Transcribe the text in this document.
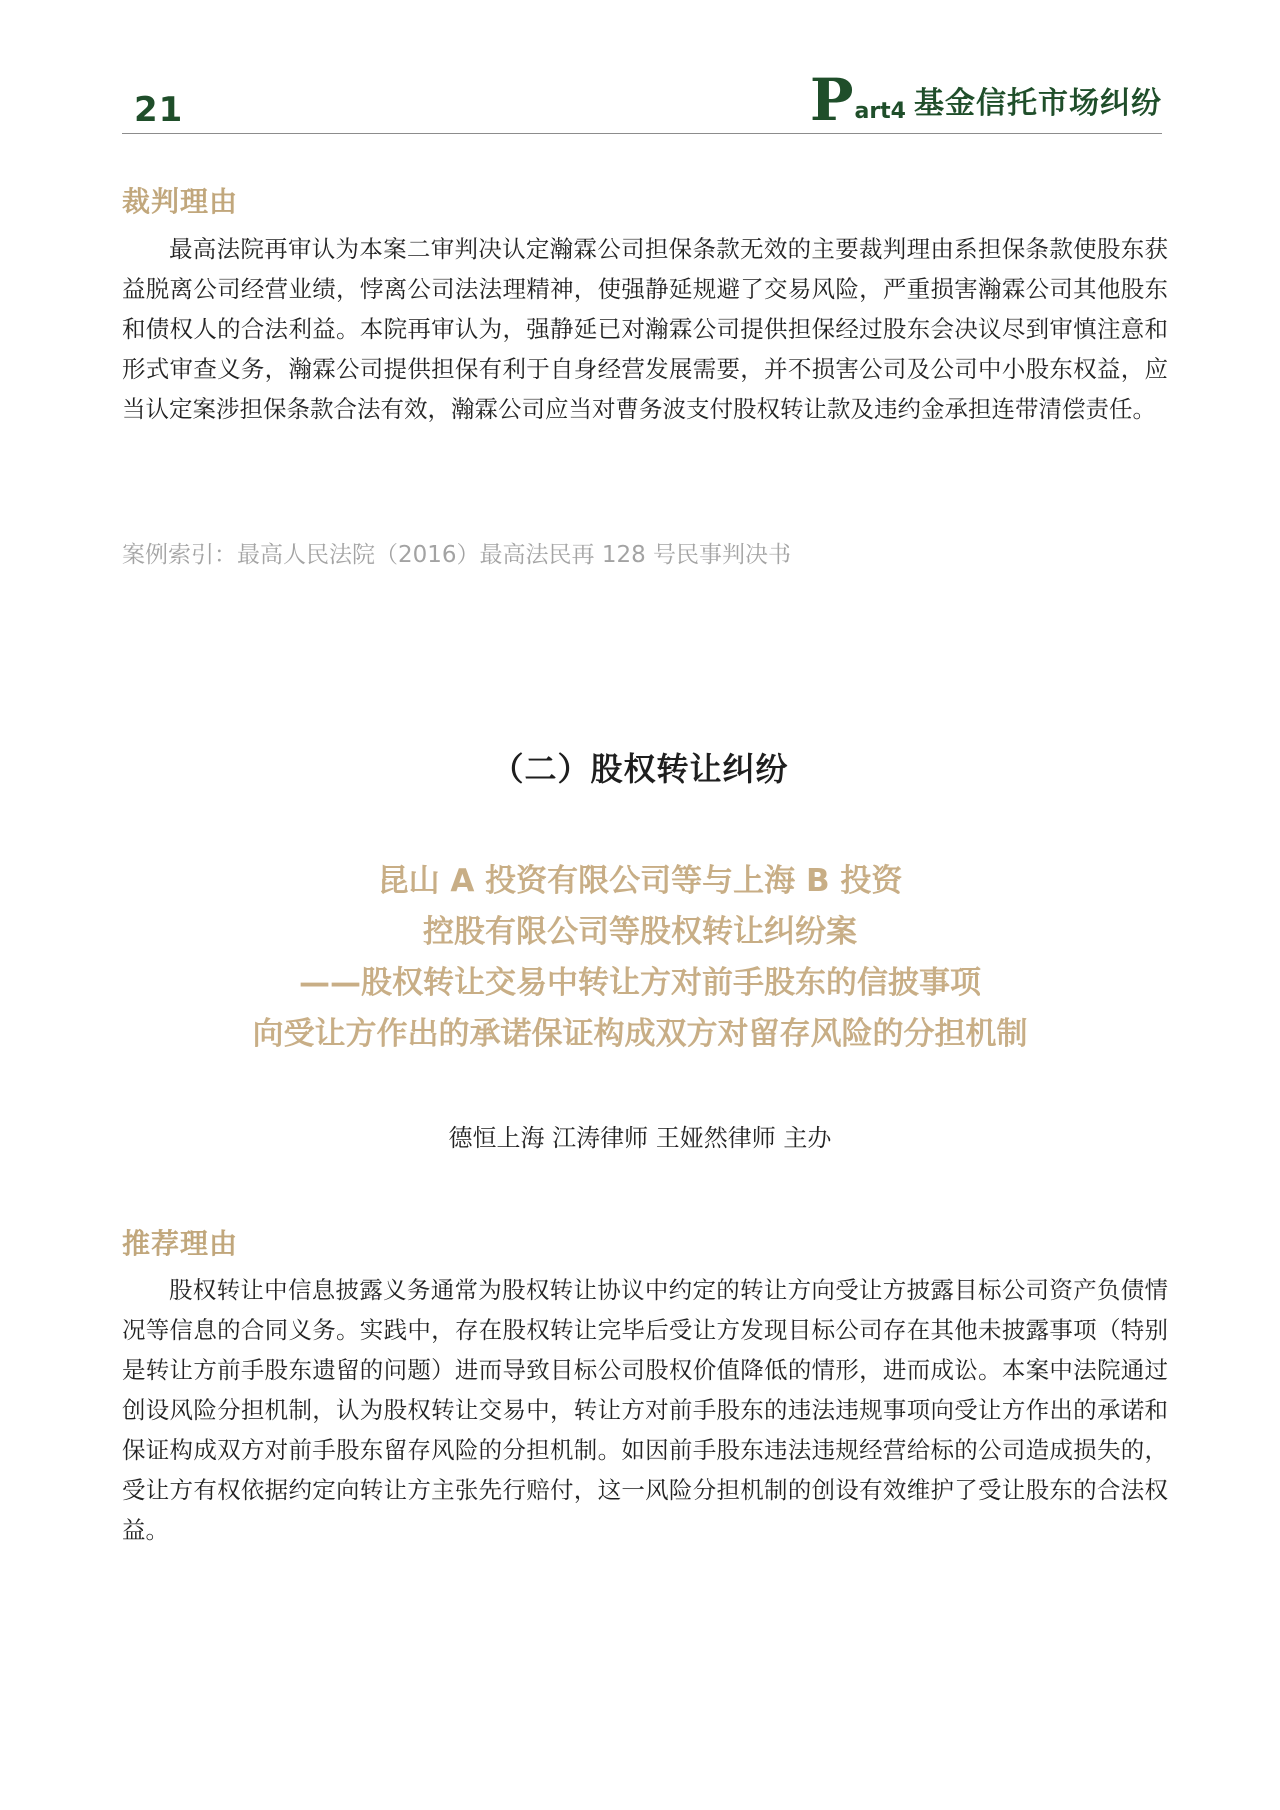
21	P art4 基金信托市场纠纷
裁判理由

最高法院再审认为本案二审判决认定瀚霖公司担保条款无效的主要裁判理由系担保条款使股东获益脱离公司经营业绩，悖离公司法法理精神，使强静延规避了交易风险，严重损害瀚霖公司其他股东和债权人的合法利益。本院再审认为，强静延已对瀚霖公司提供担保经过股东会决议尽到审慎注意和形式审查义务，瀚霖公司提供担保有利于自身经营发展需要，并不损害公司及公司中小股东权益，应当认定案涉担保条款合法有效，瀚霖公司应当对曹务波支付股权转让款及违约金承担连带清偿责任。

案例索引：最高人民法院（2016）最高法民再 128 号民事判决书
（二）股权转让纠纷
昆山 A 投资有限公司等与上海 B 投资
控股有限公司等股权转让纠纷案
——股权转让交易中转让方对前手股东的信披事项
向受让方作出的承诺保证构成双方对留存风险的分担机制
德恒上海 江涛律师 王娅然律师 主办
推荐理由

股权转让中信息披露义务通常为股权转让协议中约定的转让方向受让方披露目标公司资产负债情况等信息的合同义务。实践中，存在股权转让完毕后受让方发现目标公司存在其他未披露事项（特别是转让方前手股东遗留的问题）进而导致目标公司股权价值降低的情形，进而成讼。本案中法院通过创设风险分担机制，认为股权转让交易中，转让方对前手股东的违法违规事项向受让方作出的承诺和保证构成双方对前手股东留存风险的分担机制。如因前手股东违法违规经营给标的公司造成损失的，受让方有权依据约定向转让方主张先行赔付，这一风险分担机制的创设有效维护了受让股东的合法权益。
